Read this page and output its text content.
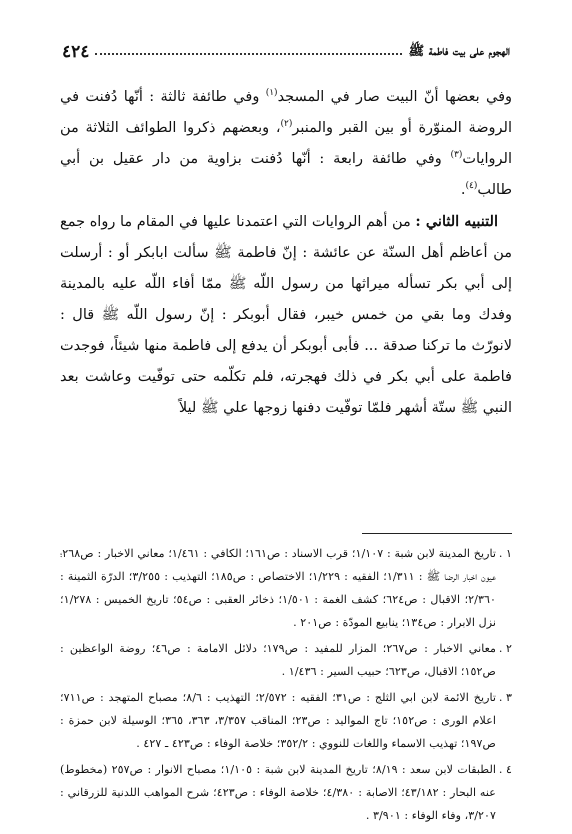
الهجوم على بيت فاطمة ﷺ
٤٢٤

وفي بعضها أنّ البيت صار في المسجد$^{(١)}$ وفي طائفة ثالثة : أنّها دُفنت في الروضة المنوّرة أو بين القبر والمنبر$^{(٢)}$، وبعضهم ذكروا الطوائف الثلاثة من الروايات$^{(٣)}$ وفي طائفة رابعة : أنّها دُفنت بزاوية من دار عقيل بن أبي طالب$^{(٤)}$.

التنبيه الثاني : من أهم الروايات التي اعتمدنا عليها في المقام ما رواه جمع من أعاظم أهل السنّة عن عائشة : إنّ فاطمة ﷺ سألت ابابكر أو : أرسلت إلى أبي بكر تسأله ميراثها من رسول اللّه ﷺ ممّا أفاء اللّه عليه بالمدينة وفدك وما بقي من خمس خيبر، فقال أبوبكر : إنّ رسول اللّه ﷺ قال : لانورّث ما تركنا صدقة ... فأبى أبوبكر أن يدفع إلى فاطمة منها شيئاً، فوجدت فاطمة على أبي بكر في ذلك فهجرته، فلم تكلّمه حتى توفّيت وعاشت بعد النبي ﷺ ستّة أشهر فلمّا توفّيت دفنها زوجها علي ﷺ ليلاً

١ .
تاريخ المدينة لابن شبة : ١/١٠٧؛ قرب الاسناد : ص١٦١؛ الكافي : ١/٤٦١؛ معاني الاخبار : ص٢٦٨؛ عيون اخبار الرضا ﷺ : ١/٣١١؛ الفقيه : ١/٢٢٩؛ الاختصاص : ص١٨٥؛ التهذيب : ٣/٢٥٥؛ الدرّة الثمينة : ٢/٣٦٠؛ الاقبال : ص٦٢٤؛ كشف الغمة : ١/٥٠١؛ ذخائر العقبى : ص٥٤؛ تاريخ الخميس : ١/٢٧٨؛ نزل الابرار : ص١٣٤؛ ينابيع المودّة : ص٢٠١ .
٢ .
معاني الاخبار : ص٢٦٧؛ المزار للمفيد : ص١٧٩؛ دلائل الامامة : ص٤٦؛ روضة الواعظين : ص١٥٢؛ الاقبال، ص٦٢٣؛ حبيب السير : ١/٤٣٦ .
٣ .
تاريخ الائمة لابن ابي الثلج : ص٣١؛ الفقيه : ٢/٥٧٢؛ التهذيب : ٨/٦؛ مصباح المتهجد : ص٧١١؛ اعلام الورى : ص١٥٢؛ تاج المواليد : ص٢٣؛ المناقب ٣/٣٥٧، ٣٦٣، ٣٦٥؛ الوسيلة لابن حمزة : ص١٩٧؛ تهذيب الاسماء واللغات للنووي : ٣٥٢/٢؛ خلاصة الوفاء : ص٤٢٣ ـ ٤٢٧ .
٤ .
الطبقات لابن سعد : ٨/١٩؛ تاريخ المدينة لابن شبة : ١/١٠٥؛ مصباح الانوار : ص٢٥٧ (مخطوط) عنه البحار : ٤٣/١٨٢؛ الاصابة : ٤/٣٨٠؛ خلاصة الوفاء : ص٤٢٣؛ شرح المواهب اللدنية للزرقاني : ٣/٢٠٧، وفاء الوفاء : ٣/٩٠١ .
